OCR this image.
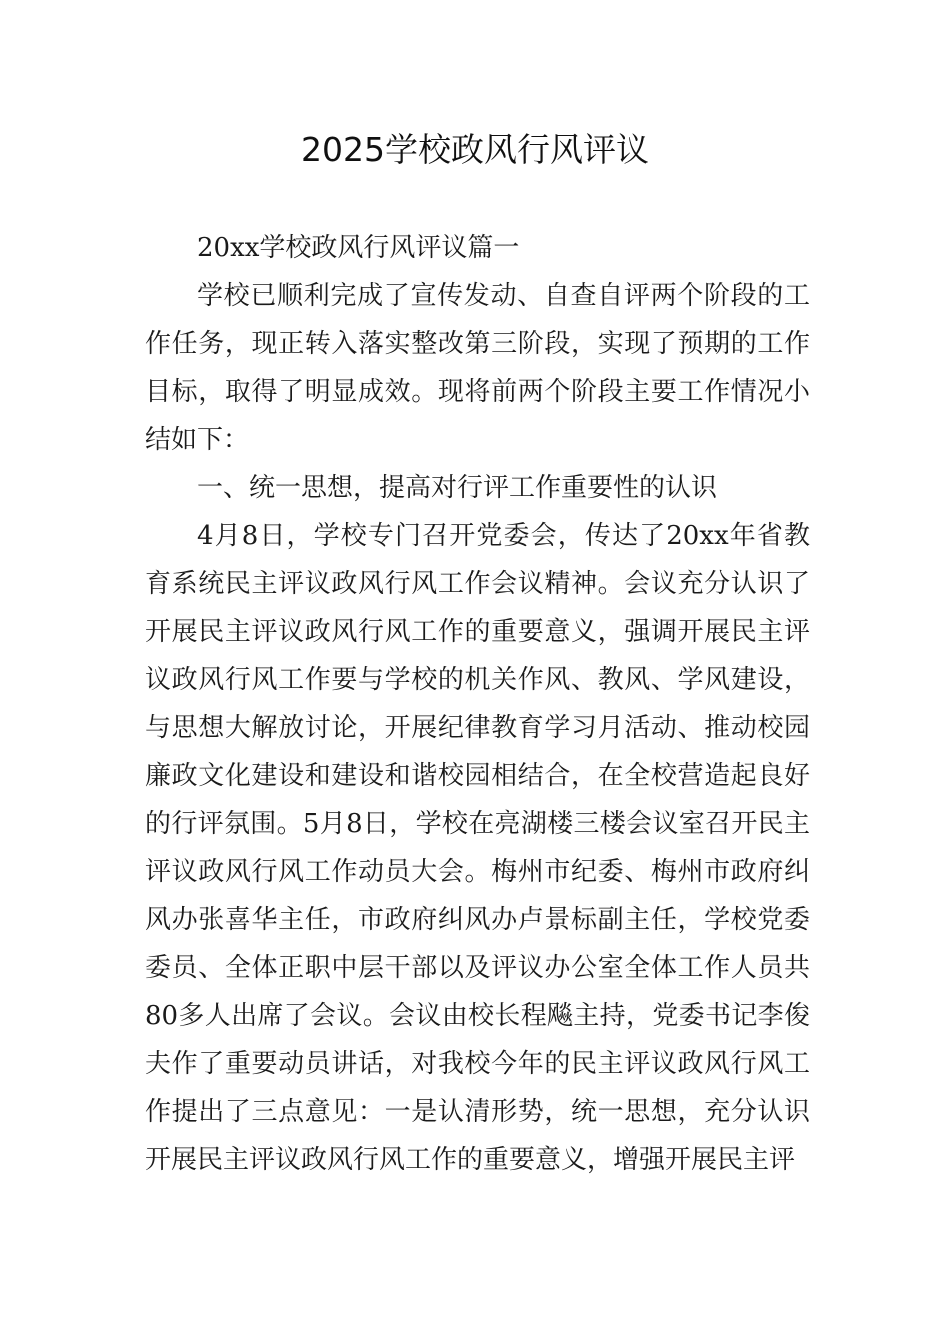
2025学校政风行风评议

20xx学校政风行风评议篇一

学校已顺利完成了宣传发动、自查自评两个阶段的工作任务，现正转入落实整改第三阶段，实现了预期的工作目标，取得了明显成效。现将前两个阶段主要工作情况小结如下：

一、统一思想，提高对行评工作重要性的认识

4月8日，学校专门召开党委会，传达了20xx年省教育系统民主评议政风行风工作会议精神。会议充分认识了开展民主评议政风行风工作的重要意义，强调开展民主评议政风行风工作要与学校的机关作风、教风、学风建设，与思想大解放讨论，开展纪律教育学习月活动、推动校园廉政文化建设和建设和谐校园相结合，在全校营造起良好的行评氛围。5月8日，学校在亮湖楼三楼会议室召开民主评议政风行风工作动员大会。梅州市纪委、梅州市政府纠风办张喜华主任，市政府纠风办卢景标副主任，学校党委委员、全体正职中层干部以及评议办公室全体工作人员共80多人出席了会议。会议由校长程飚主持，党委书记李俊夫作了重要动员讲话，对我校今年的民主评议政风行风工作提出了三点意见：一是认清形势，统一思想，充分认识开展民主评议政风行风工作的重要意义，增强开展民主评
